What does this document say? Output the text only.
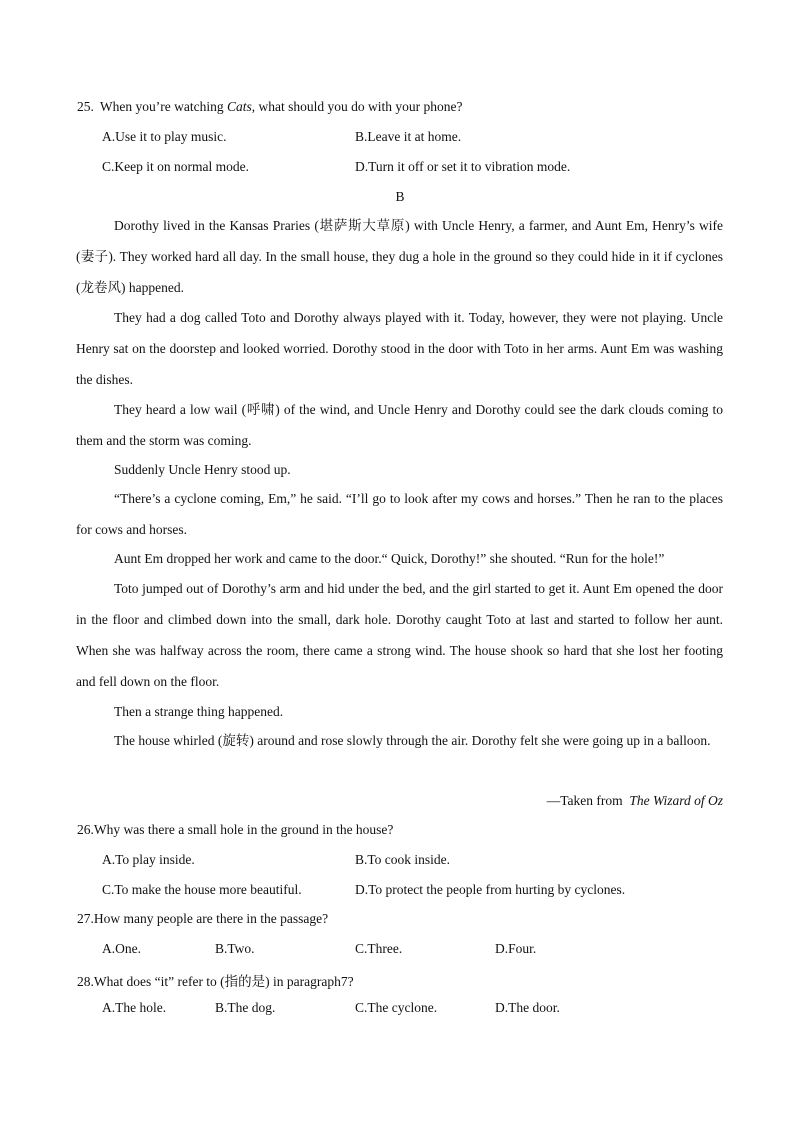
25. When you’re watching Cats, what should you do with your phone?
A.Use it to play music.	B.Leave it at home.
C.Keep it on normal mode.	D.Turn it off or set it to vibration mode.
B
Dorothy lived in the Kansas Praries (堪萨斯大草原) with Uncle Henry, a farmer, and Aunt Em, Henry’s wife (妻子). They worked hard all day. In the small house, they dug a hole in the ground so they could hide in it if cyclones (龙卷风) happened.
They had a dog called Toto and Dorothy always played with it. Today, however, they were not playing. Uncle Henry sat on the doorstep and looked worried. Dorothy stood in the door with Toto in her arms. Aunt Em was washing the dishes.
They heard a low wail (呼啸) of the wind, and Uncle Henry and Dorothy could see the dark clouds coming to them and the storm was coming.
Suddenly Uncle Henry stood up.
“There’s a cyclone coming, Em,” he said. “I’ll go to look after my cows and horses.” Then he ran to the places for cows and horses.
Aunt Em dropped her work and came to the door.“ Quick, Dorothy!” she shouted. “Run for the hole!”
Toto jumped out of Dorothy’s arm and hid under the bed, and the girl started to get it. Aunt Em opened the door in the floor and climbed down into the small, dark hole. Dorothy caught Toto at last and started to follow her aunt. When she was halfway across the room, there came a strong wind. The house shook so hard that she lost her footing and fell down on the floor.
Then a strange thing happened.
The house whirled (旋转) around and rose slowly through the air. Dorothy felt she were going up in a balloon.
—Taken from The Wizard of Oz
26.Why was there a small hole in the ground in the house?
A.To play inside.	B.To cook inside.
C.To make the house more beautiful.	D.To protect the people from hurting by cyclones.
27.How many people are there in the passage?
A.One.	B.Two.	C.Three.	D.Four.
28.What does “it” refer to (指的是) in paragraph7?
A.The hole.	B.The dog.	C.The cyclone.	D.The door.
